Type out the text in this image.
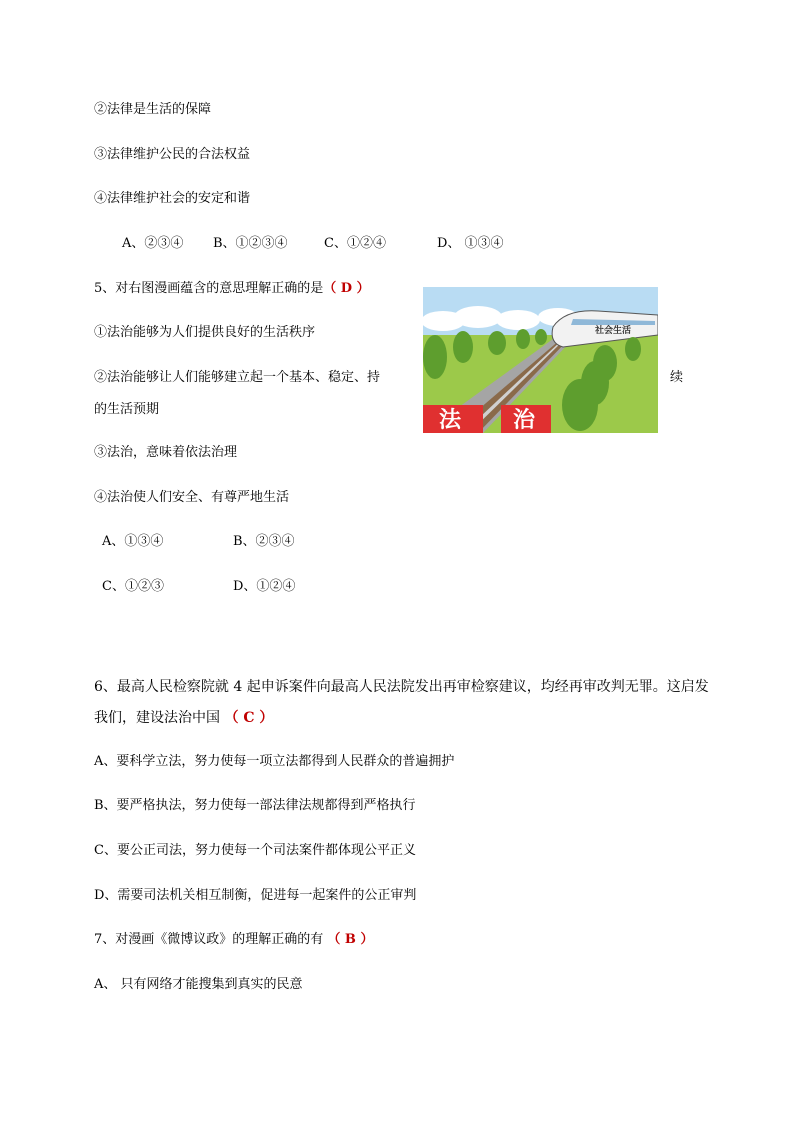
②法律是生活的保障
③法律维护公民的合法权益
④法律维护社会的安定和谐
A、②③④ B、①②③④	C、①②④	D、 ①③④
5、对右图漫画蕴含的意思理解正确的是（ D ）
①法治能够为人们提供良好的生活秩序
②法治能够让人们能够建立起一个基本、稳定、持	续
的生活预期
③法治，意味着依法治理
④法治使人们安全、有尊严地生活
A、①③④	B、②③④
C、①②③	D、①②④
社会生活
法 治
6、最高人民检察院就 4 起申诉案件向最高人民法院发出再审检察建议，均经再审改判无罪。这启发
我们，建设法治中国 （ C ）
A、要科学立法，努力使每一项立法都得到人民群众的普遍拥护
B、要严格执法，努力使每一部法律法规都得到严格执行
C、要公正司法，努力使每一个司法案件都体现公平正义
D、需要司法机关相互制衡，促进每一起案件的公正审判
7、对漫画《微博议政》的理解正确的有 （ B ）
A、 只有网络才能搜集到真实的民意
